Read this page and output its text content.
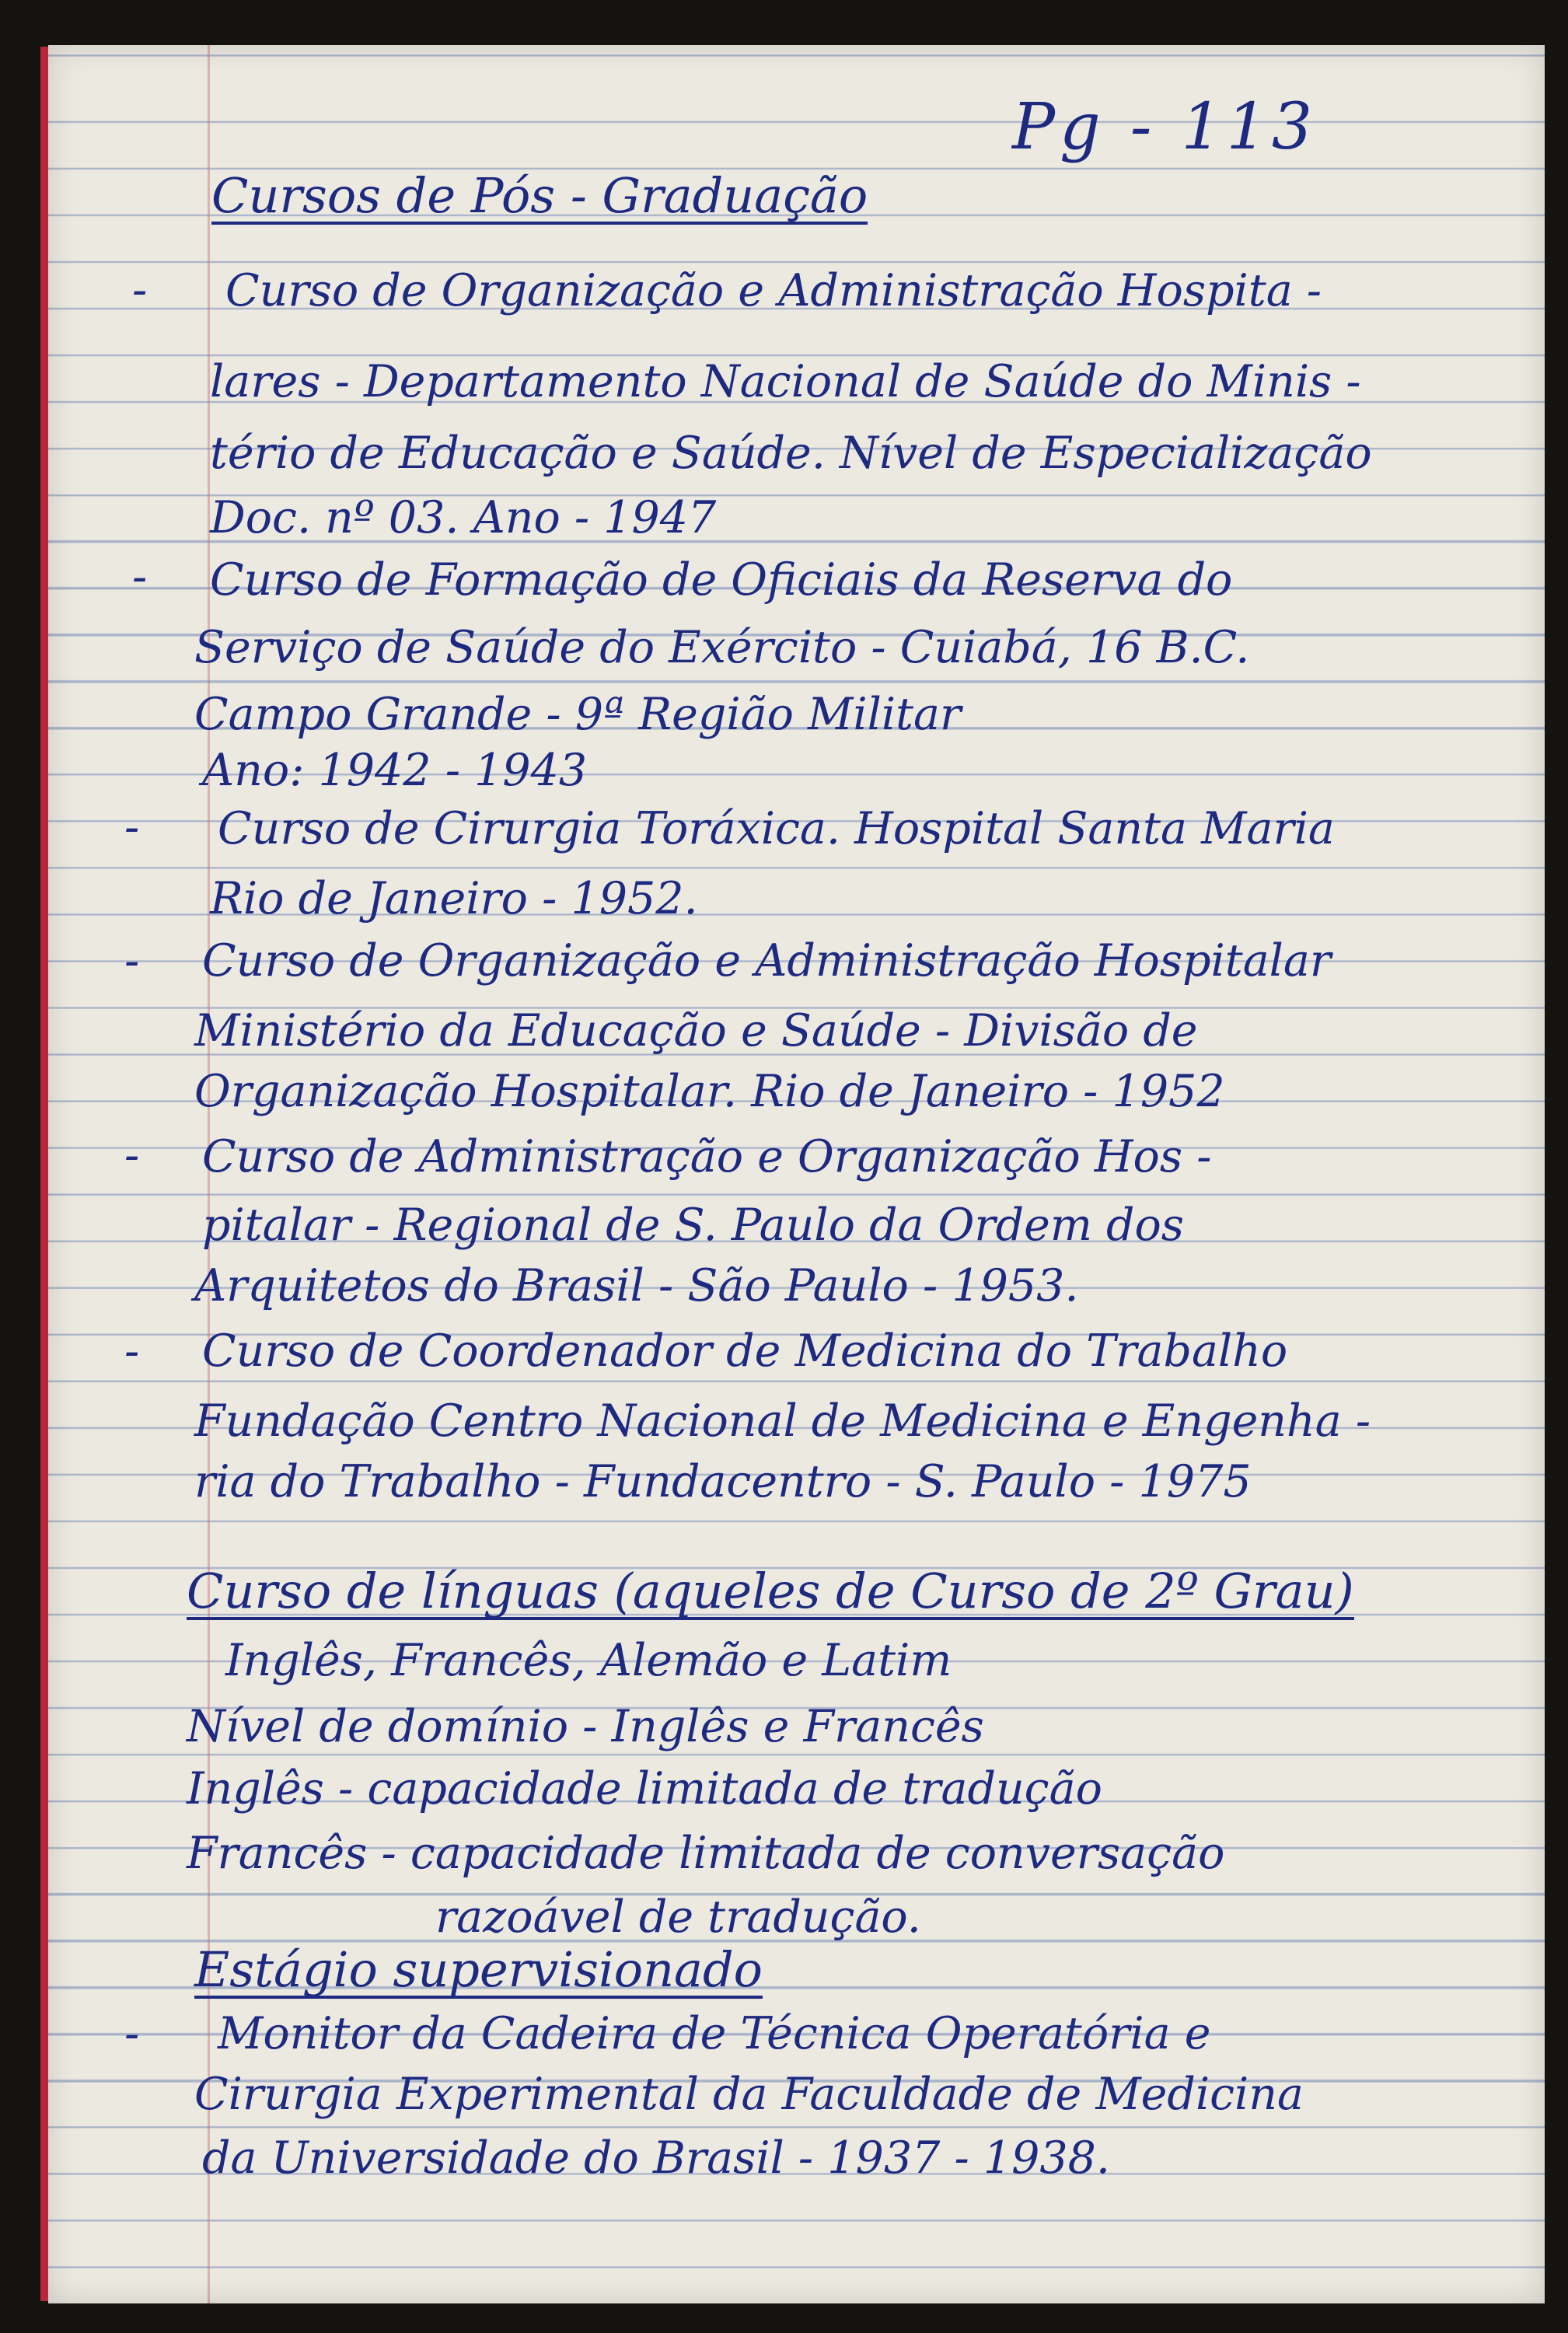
Pg - 113
Cursos de Pós - Graduação
- Curso de Organização e Administração Hospita -
lares - Departamento Nacional de Saúde do Minis -
tério de Educação e Saúde. Nível de Especialização
Doc. nº 03. Ano - 1947
- Curso de Formação de Oficiais da Reserva do
Serviço de Saúde do Exército - Cuiabá, 16 B.C.
Campo Grande - 9ª Região Militar
Ano: 1942 - 1943
- Curso de Cirurgia Toráxica. Hospital Santa Maria
Rio de Janeiro - 1952.
- Curso de Organização e Administração Hospitalar
Ministério da Educação e Saúde - Divisão de
Organização Hospitalar. Rio de Janeiro - 1952
- Curso de Administração e Organização Hos -
pitalar - Regional de S. Paulo da Ordem dos
Arquitetos do Brasil - São Paulo - 1953.
- Curso de Coordenador de Medicina do Trabalho
Fundação Centro Nacional de Medicina e Engenha -
ria do Trabalho - Fundacentro - S. Paulo - 1975
Curso de línguas (aqueles de Curso de 2º Grau)
Inglês, Francês, Alemão e Latim
Nível de domínio - Inglês e Francês
Inglês - capacidade limitada de tradução
Francês - capacidade limitada de conversação
razoável de tradução.
Estágio supervisionado
- Monitor da Cadeira de Técnica Operatória e
Cirurgia Experimental da Faculdade de Medicina
da Universidade do Brasil - 1937 - 1938.
